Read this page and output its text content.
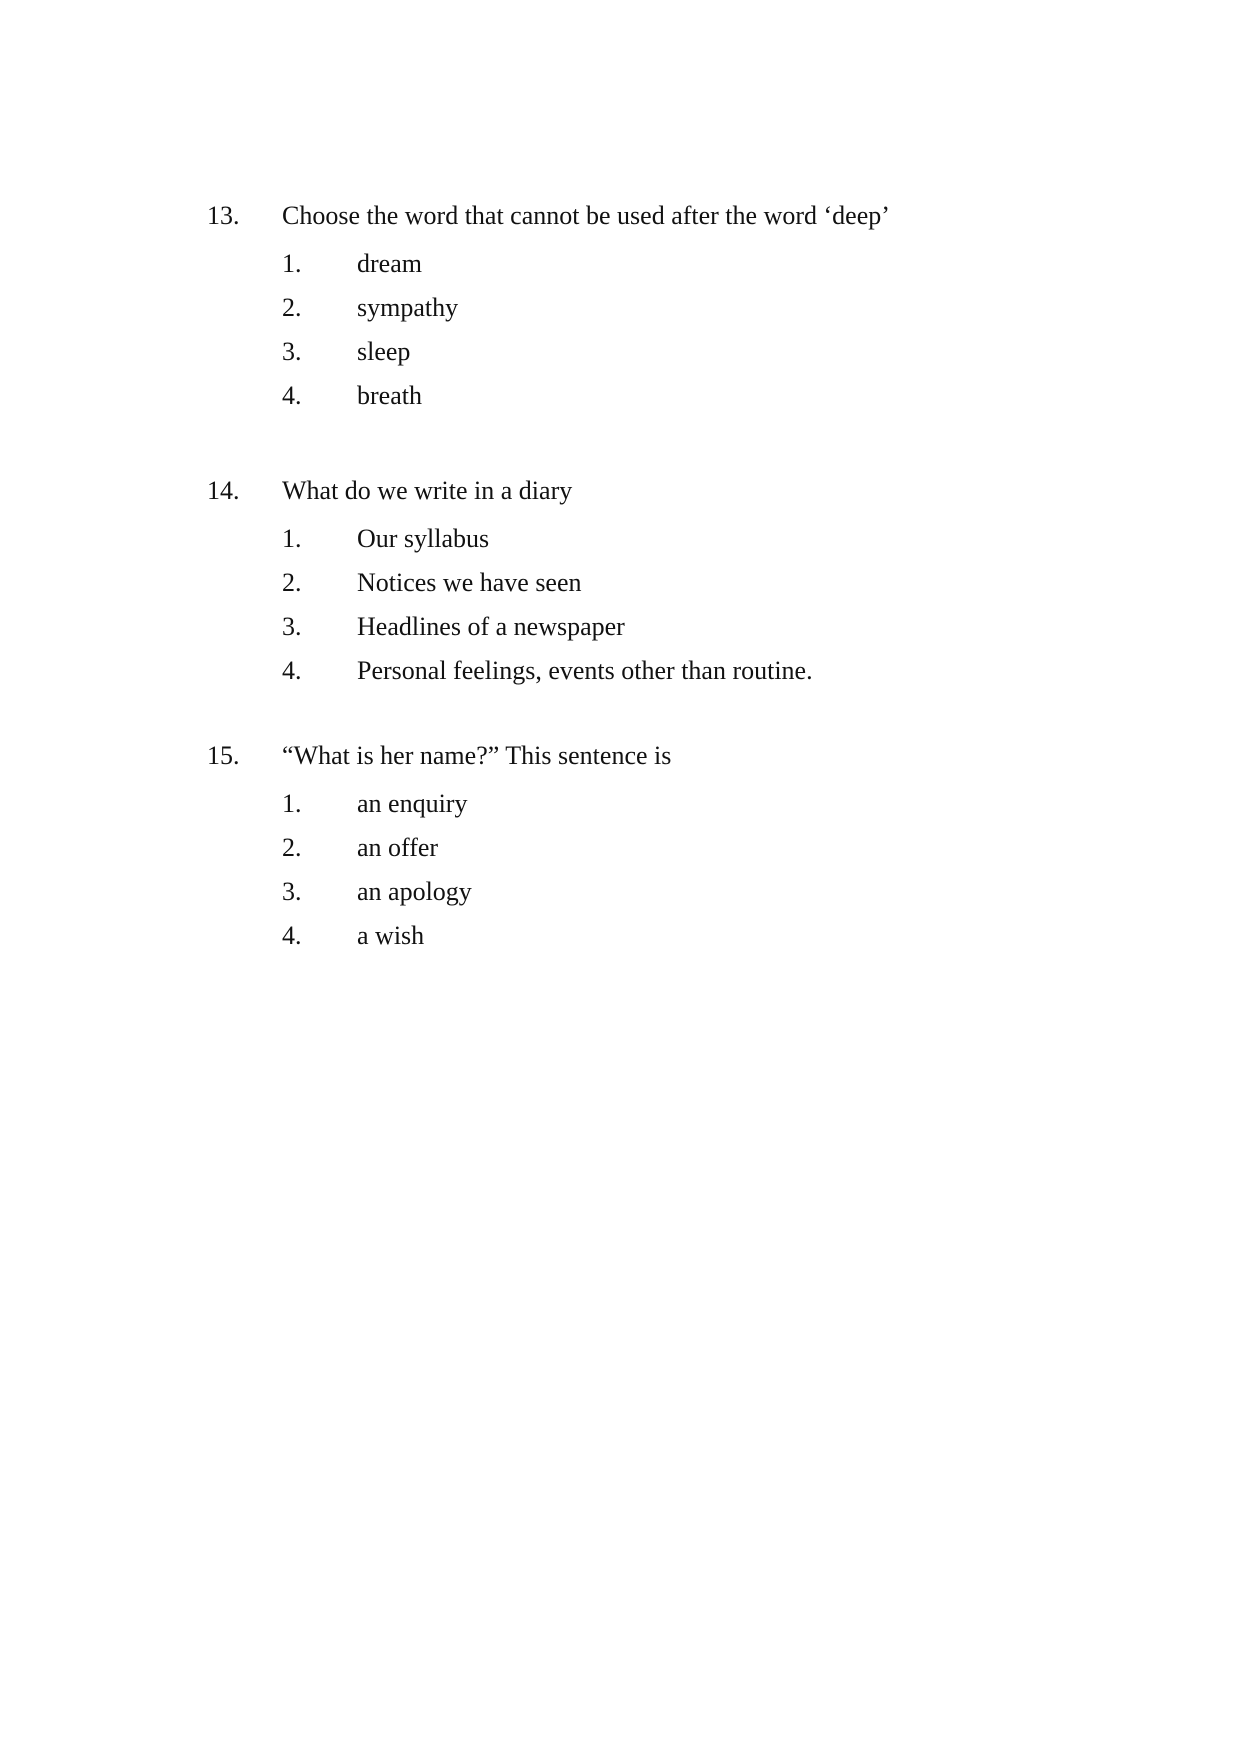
13.	Choose the word that cannot be used after the word ‘deep’
1.	dream
2.	sympathy
3.	sleep
4.	breath
14.	What do we write in a diary
1.	Our syllabus
2.	Notices we have seen
3.	Headlines of a newspaper
4.	Personal feelings, events other than routine.
15.	“What is her name?” This sentence is
1.	an enquiry
2.	an offer
3.	an apology
4.	a wish
